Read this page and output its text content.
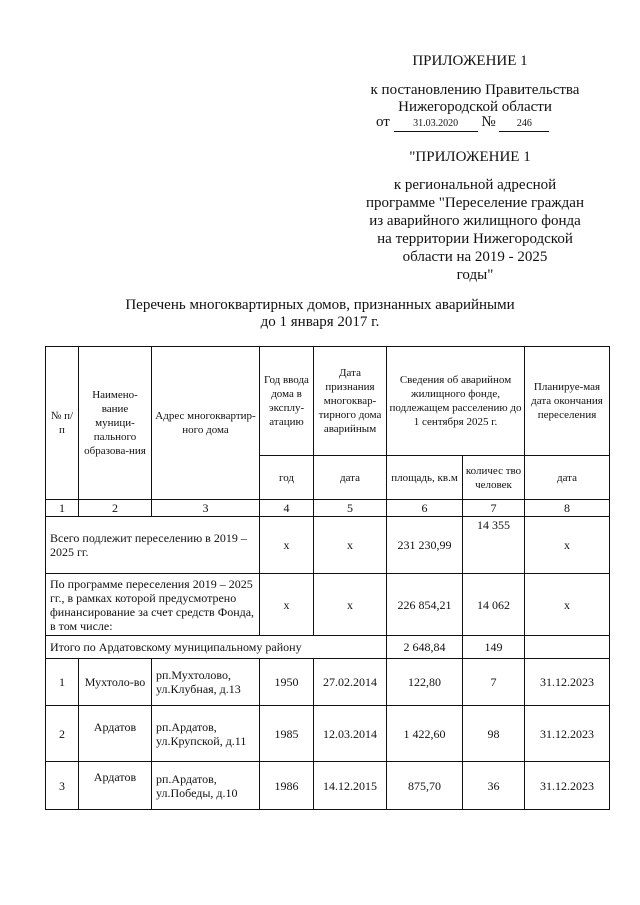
ПРИЛОЖЕНИЕ 1
к постановлению Правительства
Нижегородской области
от 31.03.2020 № 246
"ПРИЛОЖЕНИЕ 1
к региональной адресной
программе "Переселение граждан
из аварийного жилищного фонда
на территории Нижегородской
области на 2019 - 2025
годы"
Перечень многоквартирных домов, признанных аварийными
до 1 января 2017 г.
№ п/п	Наимено-вание муници-пального образова-ния	Адрес многоквартир-ного дома	Год ввода дома в эксплу-атацию	Дата признания многоквар-тирного дома аварийным	Сведения об аварийном жилищного фонде, подлежащем расселению до 1 сентября 2025 г.		Планируе-мая дата окончания переселения
			год	дата	площадь, кв.м	количес тво человек	дата
1	2	3	4	5	6	7	8
Всего подлежит переселению в 2019 – 2025 гг.			х	х	231 230,99	14 355	х
По программе переселения 2019 – 2025 гг., в рамках которой предусмотрено финансирование за счет средств Фонда, в том числе:			х	х	226 854,21	14 062	х
Итого по Ардатовскому муниципальному району					2 648,84	149	
1	Мухтоло-во	рп.Мухтолово, ул.Клубная, д.13	1950	27.02.2014	122,80	7	31.12.2023
2	Ардатов	рп.Ардатов, ул.Крупской, д.11	1985	12.03.2014	1 422,60	98	31.12.2023
3	Ардатов	рп.Ардатов, ул.Победы, д.10	1986	14.12.2015	875,70	36	31.12.2023
